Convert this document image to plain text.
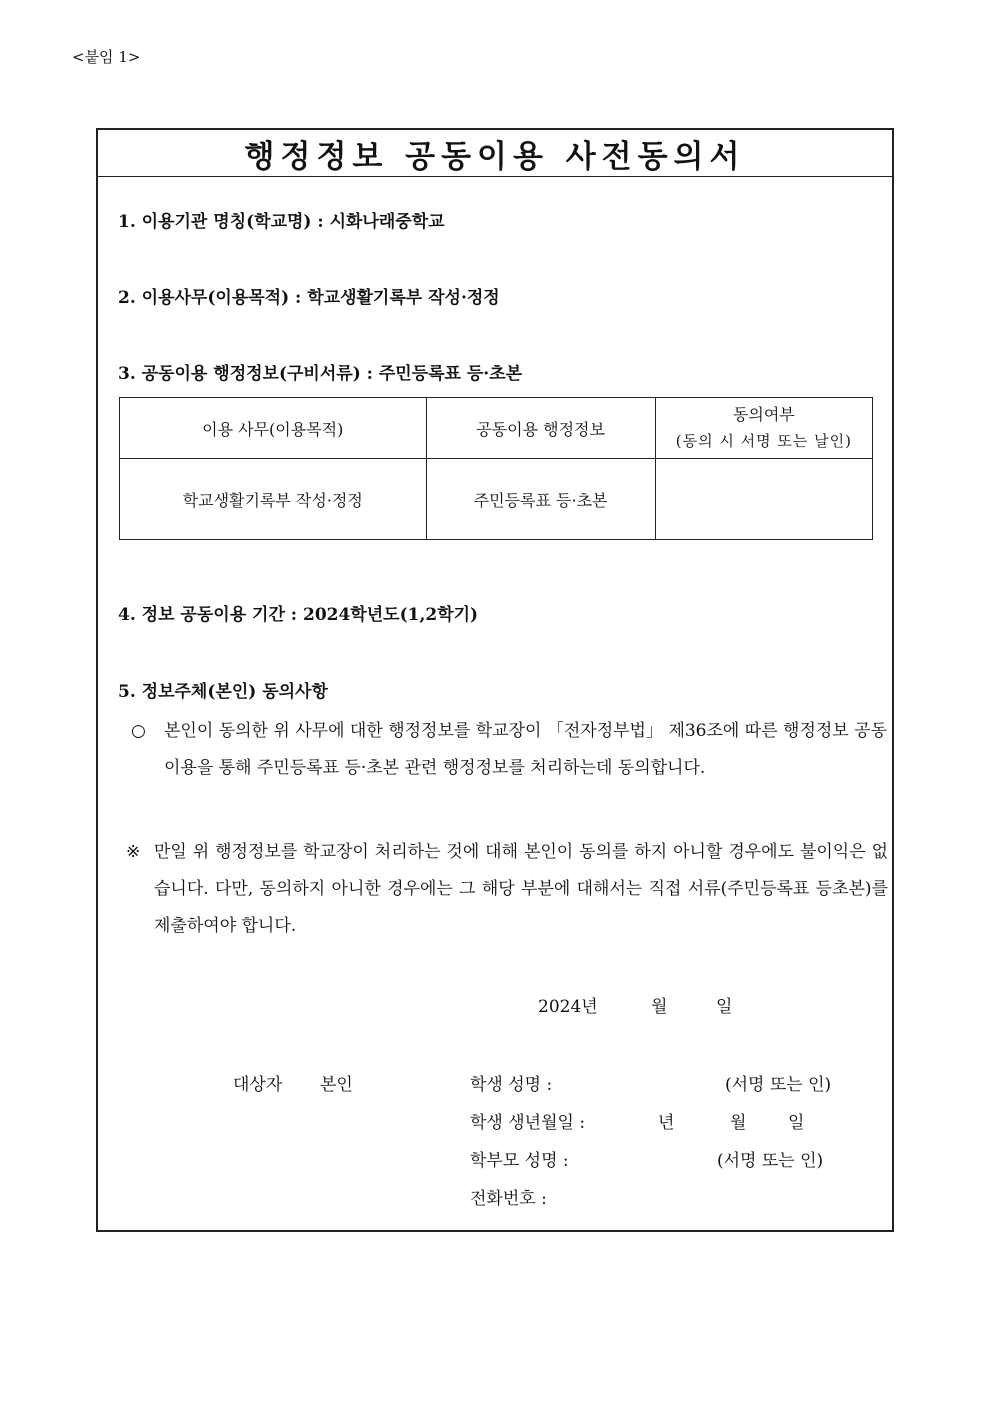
<붙임 1>
행정정보 공동이용 사전동의서
1. 이용기관 명칭(학교명) : 시화나래중학교
2. 이용사무(이용목적) : 학교생활기록부 작성·정정
3. 공동이용 행정정보(구비서류) : 주민등록표 등·초본
이용 사무(이용목적)	공동이용 행정정보	동의여부
(동의 시 서명 또는 날인)

학교생활기록부 작성·정정	주민등록표 등·초본	
4. 정보 공동이용 기간 : 2024학년도(1,2학기)
5. 정보주체(본인) 동의사항
○ 본인이 동의한 위 사무에 대한 행정정보를 학교장이 「전자정부법」 제36조에 따른 행정정보 공동이용을 통해 주민등록표 등·초본 관련 행정정보를 처리하는데 동의합니다.
※ 만일 위 행정정보를 학교장이 처리하는 것에 대해 본인이 동의를 하지 아니할 경우에도 불이익은 없습니다. 다만, 동의하지 아니한 경우에는 그 해당 부분에 대해서는 직접 서류(주민등록표 등초본)를 제출하여야 합니다.
2024년	월	일
대상자 본인	학생 성명 :	(서명 또는 인)
학생 생년월일 :	년	월 일
학부모 성명 :	(서명 또는 인)
전화번호 :
